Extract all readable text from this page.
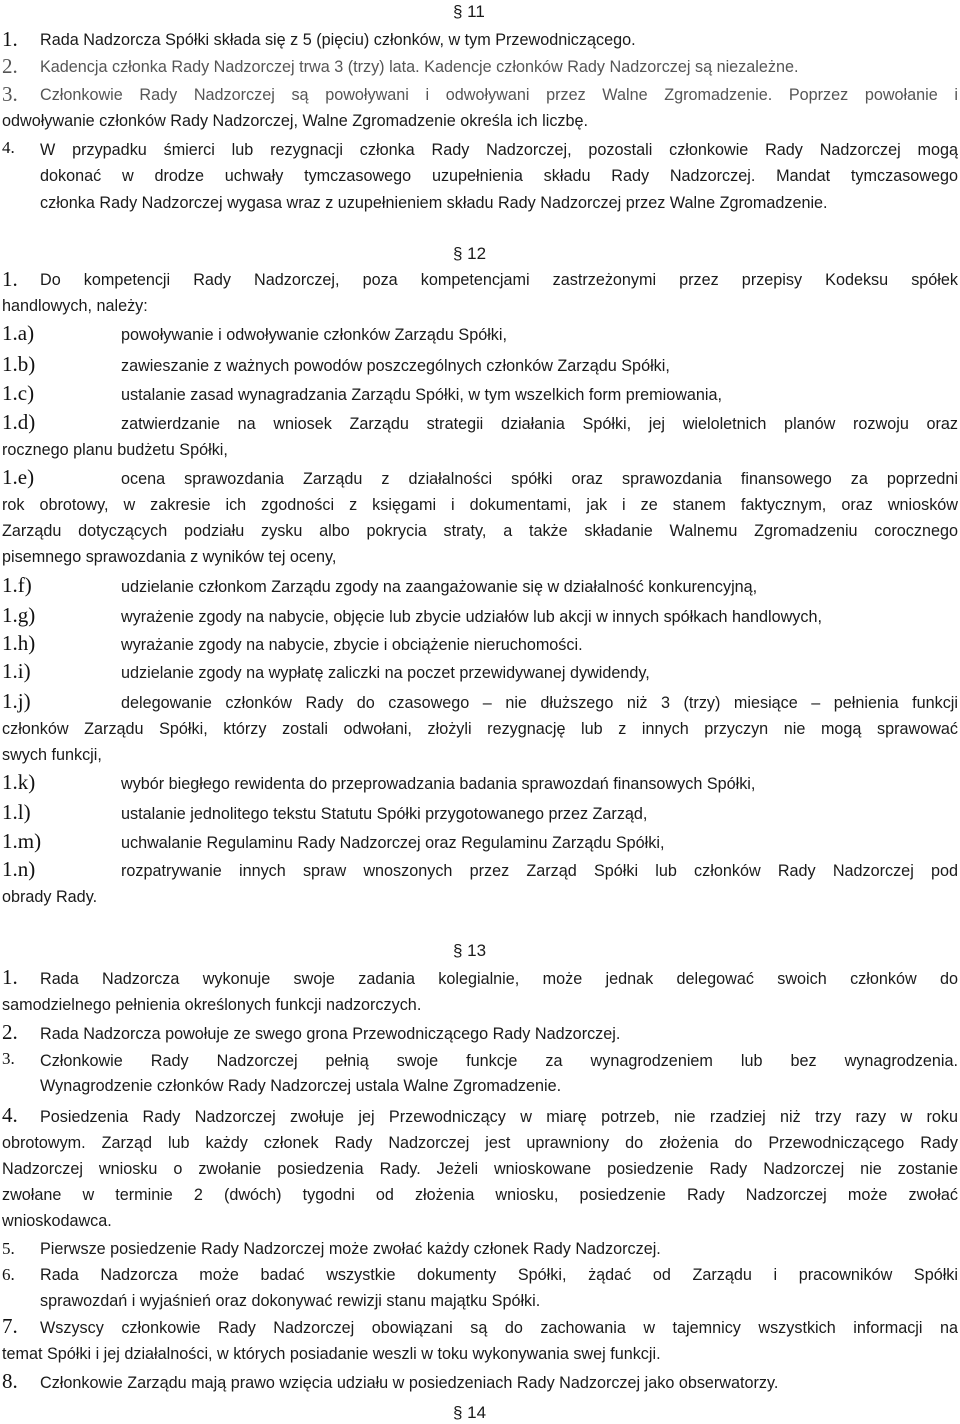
§ 11
1. Rada Nadzorcza Spółki składa się z 5 (pięciu) członków, w tym Przewodniczącego.
2. Kadencja członka Rady Nadzorczej trwa 3 (trzy) lata. Kadencje członków Rady Nadzorczej są niezależne.
3. Członkowie Rady Nadzorczej są powoływani i odwoływani przez Walne Zgromadzenie. Poprzez powołanie i
odwoływanie członków Rady Nadzorczej, Walne Zgromadzenie określa ich liczbę.
4. W przypadku śmierci lub rezygnacji członka Rady Nadzorczej, pozostali członkowie Rady Nadzorczej mogą
dokonać w drodze uchwały tymczasowego uzupełnienia składu Rady Nadzorczej. Mandat tymczasowego
członka Rady Nadzorczej wygasa wraz z uzupełnieniem składu Rady Nadzorczej przez Walne Zgromadzenie.
§ 12
1. Do kompetencji Rady Nadzorczej, poza kompetencjami zastrzeżonymi przez przepisy Kodeksu spółek
handlowych, należy:
1.a)	powoływanie i odwoływanie członków Zarządu Spółki,
1.b)	zawieszanie z ważnych powodów poszczególnych członków Zarządu Spółki,
1.c)	ustalanie zasad wynagradzania Zarządu Spółki, w tym wszelkich form premiowania,
1.d)	zatwierdzanie na wniosek Zarządu strategii działania Spółki, jej wieloletnich planów rozwoju oraz
rocznego planu budżetu Spółki,
1.e)	ocena sprawozdania Zarządu z działalności spółki oraz sprawozdania finansowego za poprzedni
rok obrotowy, w zakresie ich zgodności z księgami i dokumentami, jak i ze stanem faktycznym, oraz wniosków
Zarządu dotyczących podziału zysku albo pokrycia straty, a także składanie Walnemu Zgromadzeniu corocznego
pisemnego sprawozdania z wyników tej oceny,
1.f)	udzielanie członkom Zarządu zgody na zaangażowanie się w działalność konkurencyjną,
1.g)	wyrażenie zgody na nabycie, objęcie lub zbycie udziałów lub akcji w innych spółkach handlowych,
1.h)	wyrażanie zgody na nabycie, zbycie i obciążenie nieruchomości.
1.i)	udzielanie zgody na wypłatę zaliczki na poczet przewidywanej dywidendy,
1.j)	delegowanie członków Rady do czasowego – nie dłuższego niż 3 (trzy) miesiące – pełnienia funkcji
członków Zarządu Spółki, którzy zostali odwołani, złożyli rezygnację lub z innych przyczyn nie mogą sprawować
swych funkcji,
1.k)	wybór biegłego rewidenta do przeprowadzania badania sprawozdań finansowych Spółki,
1.l)	ustalanie jednolitego tekstu Statutu Spółki przygotowanego przez Zarząd,
1.m)	uchwalanie Regulaminu Rady Nadzorczej oraz Regulaminu Zarządu Spółki,
1.n)	rozpatrywanie innych spraw wnoszonych przez Zarząd Spółki lub członków Rady Nadzorczej pod
obrady Rady.
§ 13
1. Rada Nadzorcza wykonuje swoje zadania kolegialnie, może jednak delegować swoich członków do
samodzielnego pełnienia określonych funkcji nadzorczych.
2. Rada Nadzorcza powołuje ze swego grona Przewodniczącego Rady Nadzorczej.
3. Członkowie Rady Nadzorczej pełnią swoje funkcje za wynagrodzeniem lub bez wynagrodzenia.
Wynagrodzenie członków Rady Nadzorczej ustala Walne Zgromadzenie.
4. Posiedzenia Rady Nadzorczej zwołuje jej Przewodniczący w miarę potrzeb, nie rzadziej niż trzy razy w roku
obrotowym. Zarząd lub każdy członek Rady Nadzorczej jest uprawniony do złożenia do Przewodniczącego Rady
Nadzorczej wniosku o zwołanie posiedzenia Rady. Jeżeli wnioskowane posiedzenie Rady Nadzorczej nie zostanie
zwołane w terminie 2 (dwóch) tygodni od złożenia wniosku, posiedzenie Rady Nadzorczej może zwołać
wnioskodawca.
5. Pierwsze posiedzenie Rady Nadzorczej może zwołać każdy członek Rady Nadzorczej.
6. Rada Nadzorcza może badać wszystkie dokumenty Spółki, żądać od Zarządu i pracowników Spółki
sprawozdań i wyjaśnień oraz dokonywać rewizji stanu majątku Spółki.
7. Wszyscy członkowie Rady Nadzorczej obowiązani są do zachowania w tajemnicy wszystkich informacji na
temat Spółki i jej działalności, w których posiadanie weszli w toku wykonywania swej funkcji.
8. Członkowie Zarządu mają prawo wzięcia udziału w posiedzeniach Rady Nadzorczej jako obserwatorzy.
§ 14
